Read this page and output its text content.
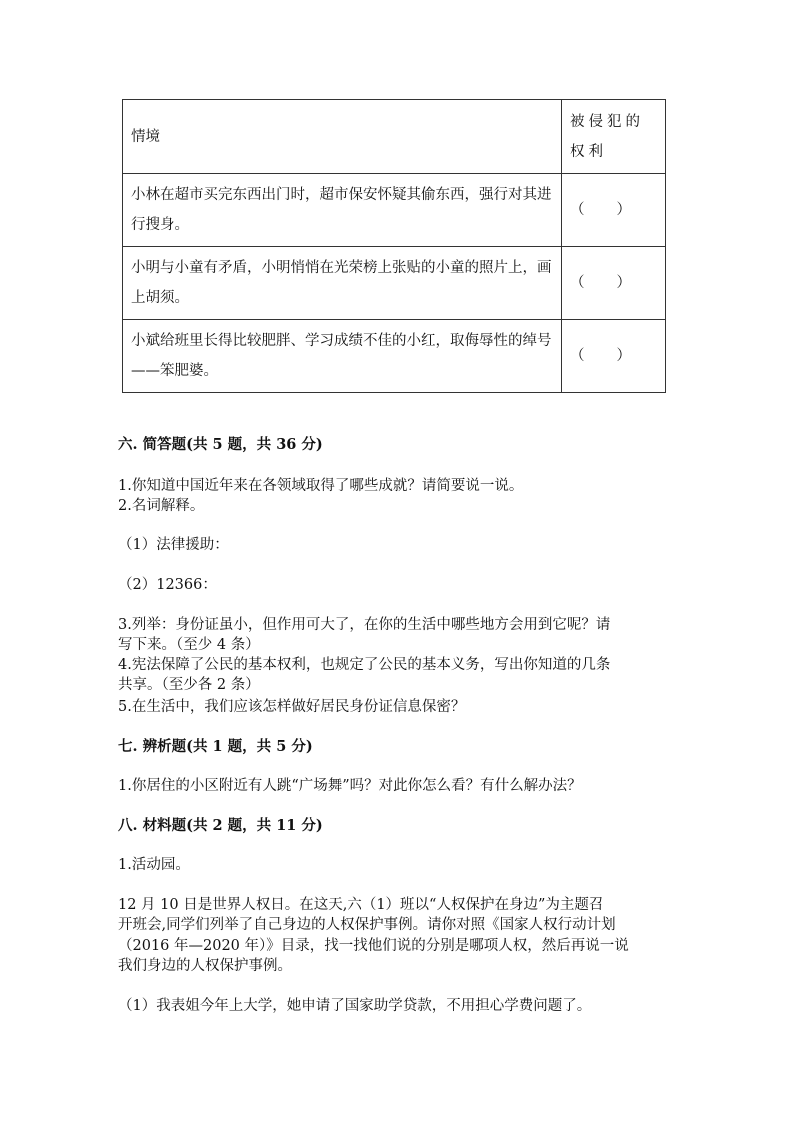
情境	被侵犯的权利
小林在超市买完东西出门时，超市保安怀疑其偷东西，强行对其进行搜身。	（　　）
小明与小童有矛盾，小明悄悄在光荣榜上张贴的小童的照片上，画上胡须。	（　　）
小斌给班里长得比较肥胖、学习成绩不佳的小红，取侮辱性的绰号——笨肥婆。	（　　）
六. 简答题(共 5 题，共 36 分)
1.你知道中国近年来在各领域取得了哪些成就？请简要说一说。
2.名词解释。
（1）法律援助：
（2）12366：
3.列举：身份证虽小，但作用可大了，在你的生活中哪些地方会用到它呢？请
写下来。（至少 4 条）
4.宪法保障了公民的基本权利，也规定了公民的基本义务，写出你知道的几条
共享。（至少各 2 条）
5.在生活中，我们应该怎样做好居民身份证信息保密？
七. 辨析题(共 1 题，共 5 分)
1.你居住的小区附近有人跳“广场舞”吗？对此你怎么看？有什么解办法？
八. 材料题(共 2 题，共 11 分)
1.活动园。
12 月 10 日是世界人权日。在这天,六（1）班以“人权保护在身边”为主题召
开班会,同学们列举了自己身边的人权保护事例。请你对照《国家人权行动计划
（2016 年—2020 年）》目录，找一找他们说的分别是哪项人权，然后再说一说
我们身边的人权保护事例。
（1）我表姐今年上大学，她申请了国家助学贷款，不用担心学费问题了。
